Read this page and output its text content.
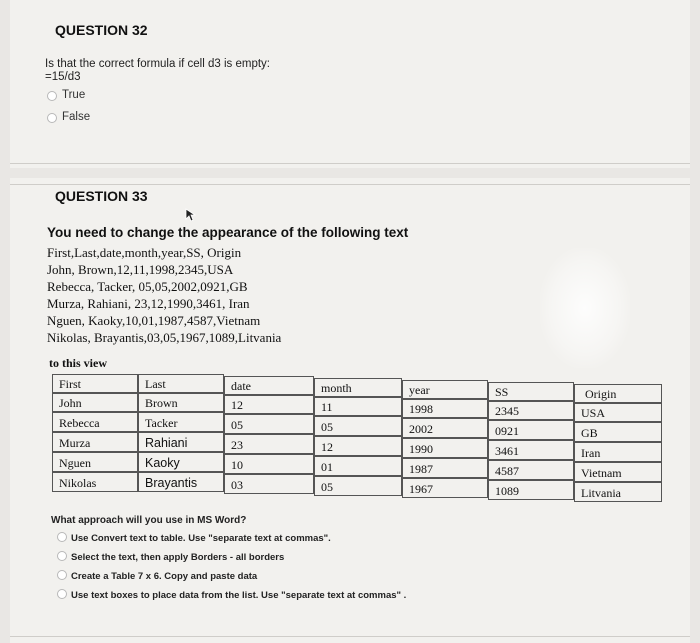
QUESTION 32
Is that the correct formula if cell d3 is empty:
=15/d3
True
False
QUESTION 33
You need to change the appearance of the following text
First,Last,date,month,year,SS, Origin
John, Brown,12,11,1998,2345,USA
Rebecca, Tacker, 05,05,2002,0921,GB
Murza, Rahiani, 23,12,1990,3461, Iran
Nguen, Kaoky,10,01,1987,4587,Vietnam
Nikolas, Brayantis,03,05,1967,1089,Litvania
to this view
First
John
Rebecca
Murza
Nguen
Nikolas
Last
Brown
Tacker
Rahiani
Kaoky
Brayantis
date
12
05
23
10
03
month
11
05
12
01
05
year
1998
2002
1990
1987
1967
SS
2345
0921
3461
4587
1089
Origin
USA
GB
Iran
Vietnam
Litvania
What approach will you use in MS Word?
Use Convert text to table. Use "separate text at commas".
Select the text, then apply Borders - all borders
Create a Table 7 x 6. Copy and paste data
Use text boxes to place data from the list. Use "separate text at commas" .
